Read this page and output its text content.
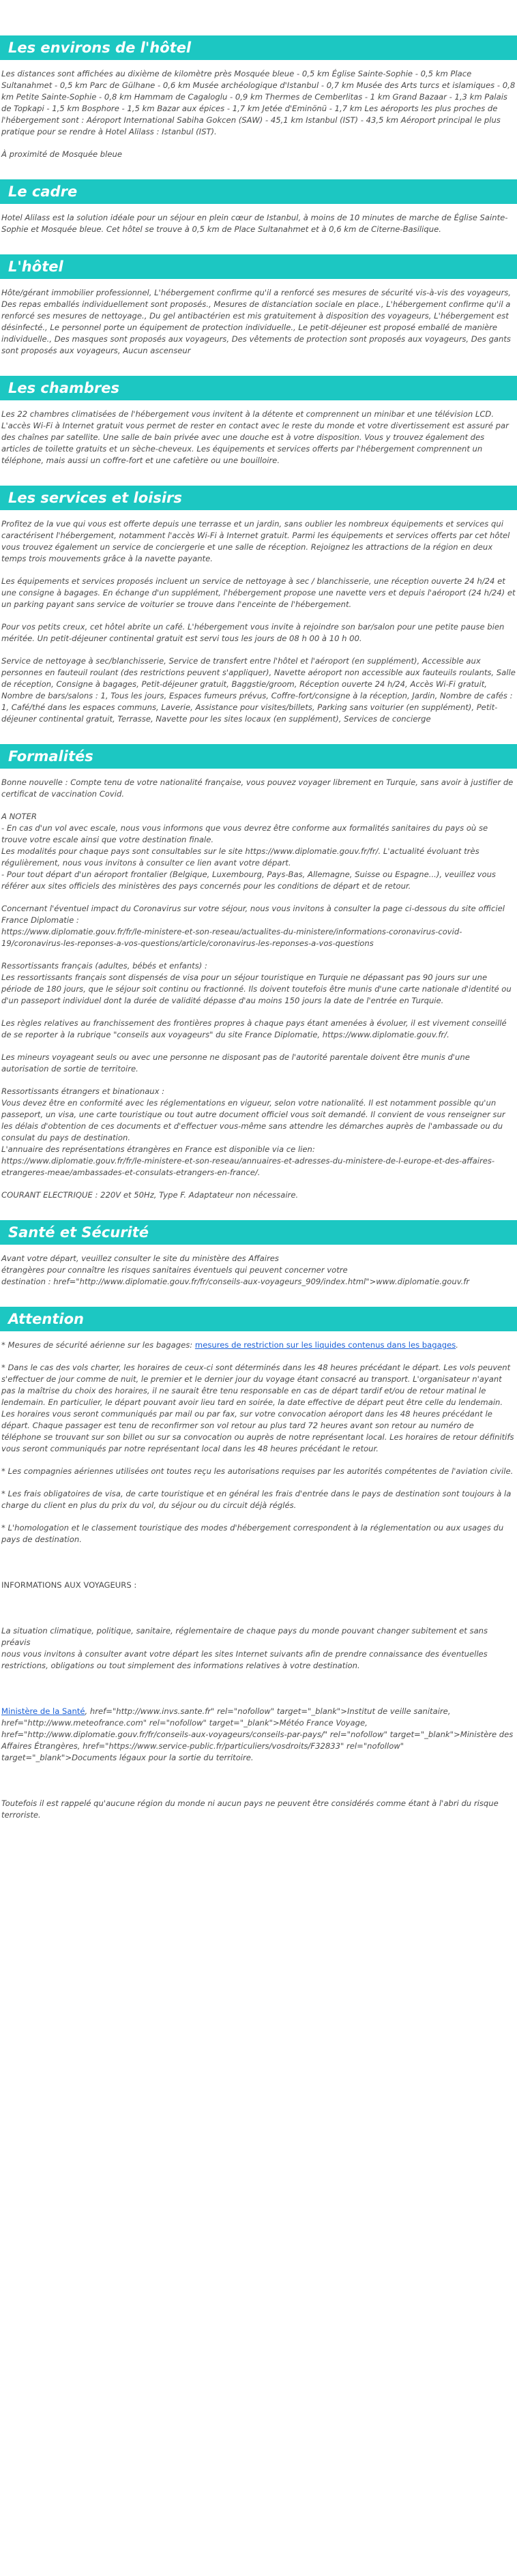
Les environs de l'hôtel

Les distances sont affichées au dixième de kilomètre près Mosquée bleue - 0,5 km Église Sainte-Sophie - 0,5 km Place Sultanahmet - 0,5 km Parc de Gülhane - 0,6 km Musée archéologique d'Istanbul - 0,7 km Musée des Arts turcs et islamiques - 0,8 km Petite Sainte-Sophie - 0,8 km Hammam de Cagaloglu - 0,9 km Thermes de Cemberlitas - 1 km Grand Bazaar - 1,3 km Palais de Topkapi - 1,5 km Bosphore - 1,5 km Bazar aux épices - 1,7 km Jetée d'Eminönü - 1,7 km Les aéroports les plus proches de l'hébergement sont : Aéroport International Sabiha Gokcen (SAW) - 45,1 km Istanbul (IST) - 43,5 km Aéroport principal le plus pratique pour se rendre à Hotel Alilass : Istanbul (IST).

À proximité de Mosquée bleue

Le cadre

Hotel Alilass est la solution idéale pour un séjour en plein cœur de Istanbul, à moins de 10 minutes de marche de Église Sainte-Sophie et Mosquée bleue. Cet hôtel se trouve à 0,5 km de Place Sultanahmet et à 0,6 km de Citerne-Basilique.

L'hôtel

Hôte/gérant immobilier professionnel, L'hébergement confirme qu'il a renforcé ses mesures de sécurité vis-à-vis des voyageurs, Des repas emballés individuellement sont proposés., Mesures de distanciation sociale en place., L'hébergement confirme qu'il a renforcé ses mesures de nettoyage., Du gel antibactérien est mis gratuitement à disposition des voyageurs, L'hébergement est désinfecté., Le personnel porte un équipement de protection individuelle., Le petit-déjeuner est proposé emballé de manière individuelle., Des masques sont proposés aux voyageurs, Des vêtements de protection sont proposés aux voyageurs, Des gants sont proposés aux voyageurs, Aucun ascenseur

Les chambres

Les 22 chambres climatisées de l'hébergement vous invitent à la détente et comprennent un minibar et une télévision LCD. L'accès Wi-Fi à Internet gratuit vous permet de rester en contact avec le reste du monde et votre divertissement est assuré par des chaînes par satellite. Une salle de bain privée avec une douche est à votre disposition. Vous y trouvez également des articles de toilette gratuits et un sèche-cheveux. Les équipements et services offerts par l'hébergement comprennent un téléphone, mais aussi un coffre-fort et une cafetière ou une bouilloire.

Les services et loisirs

Profitez de la vue qui vous est offerte depuis une terrasse et un jardin, sans oublier les nombreux équipements et services qui caractérisent l'hébergement, notamment l'accès Wi-Fi à Internet gratuit. Parmi les équipements et services offerts par cet hôtel vous trouvez également un service de conciergerie et une salle de réception. Rejoignez les attractions de la région en deux temps trois mouvements grâce à la navette payante.

Les équipements et services proposés incluent un service de nettoyage à sec / blanchisserie, une réception ouverte 24 h/24 et une consigne à bagages. En échange d'un supplément, l'hébergement propose une navette vers et depuis l'aéroport (24 h/24) et un parking payant sans service de voiturier se trouve dans l'enceinte de l'hébergement.

Pour vos petits creux, cet hôtel abrite un café. L'hébergement vous invite à rejoindre son bar/salon pour une petite pause bien méritée. Un petit-déjeuner continental gratuit est servi tous les jours de 08 h 00 à 10 h 00.

Service de nettoyage à sec/blanchisserie, Service de transfert entre l'hôtel et l'aéroport (en supplément), Accessible aux personnes en fauteuil roulant (des restrictions peuvent s'appliquer), Navette aéroport non accessible aux fauteuils roulants, Salle de réception, Consigne à bagages, Petit-déjeuner gratuit, Baggstie/groom, Réception ouverte 24 h/24, Accès Wi-Fi gratuit, Nombre de bars/salons : 1, Tous les jours, Espaces fumeurs prévus, Coffre-fort/consigne à la réception, Jardin, Nombre de cafés : 1, Café/thé dans les espaces communs, Laverie, Assistance pour visites/billets, Parking sans voiturier (en supplément), Petit-déjeuner continental gratuit, Terrasse, Navette pour les sites locaux (en supplément), Services de concierge

Formalités

Bonne nouvelle : Compte tenu de votre nationalité française, vous pouvez voyager librement en Turquie, sans avoir à justifier de certificat de vaccination Covid.

A NOTER
- En cas d'un vol avec escale, nous vous informons que vous devrez être conforme aux formalités sanitaires du pays où se trouve votre escale ainsi que votre destination finale.
Les modalités pour chaque pays sont consultables sur le site https://www.diplomatie.gouv.fr/fr/. L'actualité évoluant très régulièrement, nous vous invitons à consulter ce lien avant votre départ.
- Pour tout départ d'un aéroport frontalier (Belgique, Luxembourg, Pays-Bas, Allemagne, Suisse ou Espagne...), veuillez vous référer aux sites officiels des ministères des pays concernés pour les conditions de départ et de retour.

Concernant l'éventuel impact du Coronavirus sur votre séjour, nous vous invitons à consulter la page ci-dessous du site officiel France Diplomatie :
https://www.diplomatie.gouv.fr/fr/le-ministere-et-son-reseau/actualites-du-ministere/informations-coronavirus-covid-19/coronavirus-les-reponses-a-vos-questions/article/coronavirus-les-reponses-a-vos-questions

Ressortissants français (adultes, bébés et enfants) :
Les ressortissants français sont dispensés de visa pour un séjour touristique en Turquie ne dépassant pas 90 jours sur une période de 180 jours, que le séjour soit continu ou fractionné. Ils doivent toutefois être munis d'une carte nationale d'identité ou d'un passeport individuel dont la durée de validité dépasse d'au moins 150 jours la date de l'entrée en Turquie.

Les règles relatives au franchissement des frontières propres à chaque pays étant amenées à évoluer, il est vivement conseillé de se reporter à la rubrique "conseils aux voyageurs" du site France Diplomatie, https://www.diplomatie.gouv.fr/.

Les mineurs voyageant seuls ou avec une personne ne disposant pas de l'autorité parentale doivent être munis d'une autorisation de sortie de territoire.

Ressortissants étrangers et binationaux :
Vous devez être en conformité avec les réglementations en vigueur, selon votre nationalité. Il est notamment possible qu'un passeport, un visa, une carte touristique ou tout autre document officiel vous soit demandé. Il convient de vous renseigner sur les délais d'obtention de ces documents et d'effectuer vous-même sans attendre les démarches auprès de l'ambassade ou du consulat du pays de destination.
L'annuaire des représentations étrangères en France est disponible via ce lien:
https://www.diplomatie.gouv.fr/fr/le-ministere-et-son-reseau/annuaires-et-adresses-du-ministere-de-l-europe-et-des-affaires-etrangeres-meae/ambassades-et-consulats-etrangers-en-france/.

COURANT ELECTRIQUE : 220V et 50Hz, Type F. Adaptateur non nécessaire.

Santé et Sécurité

Avant votre départ, veuillez consulter le site du ministère des Affaires
étrangères pour connaître les risques sanitaires éventuels qui peuvent concerner votre
destination : href="http://www.diplomatie.gouv.fr/fr/conseils-aux-voyageurs_909/index.html">www.diplomatie.gouv.fr

Attention

* Mesures de sécurité aérienne sur les bagages: mesures de restriction sur les liquides contenus dans les bagages.

* Dans le cas des vols charter, les horaires de ceux-ci sont déterminés dans les 48 heures précédant le départ. Les vols peuvent s'effectuer de jour comme de nuit, le premier et le dernier jour du voyage étant consacré au transport. L'organisateur n'ayant pas la maîtrise du choix des horaires, il ne saurait être tenu responsable en cas de départ tardif et/ou de retour matinal le lendemain. En particulier, le départ pouvant avoir lieu tard en soirée, la date effective de départ peut être celle du lendemain. Les horaires vous seront communiqués par mail ou par fax, sur votre convocation aéroport dans les 48 heures précédant le départ. Chaque passager est tenu de reconfirmer son vol retour au plus tard 72 heures avant son retour au numéro de téléphone se trouvant sur son billet ou sur sa convocation ou auprès de notre représentant local. Les horaires de retour définitifs vous seront communiqués par notre représentant local dans les 48 heures précédant le retour.

* Les compagnies aériennes utilisées ont toutes reçu les autorisations requises par les autorités compétentes de l'aviation civile.

* Les frais obligatoires de visa, de carte touristique et en général les frais d'entrée dans le pays de destination sont toujours à la charge du client en plus du prix du vol, du séjour ou du circuit déjà réglés.

* L'homologation et le classement touristique des modes d'hébergement correspondent à la réglementation ou aux usages du pays de destination.

INFORMATIONS AUX VOYAGEURS :

La situation climatique, politique, sanitaire, réglementaire de chaque pays du monde pouvant changer subitement et sans préavis
nous vous invitons à consulter avant votre départ les sites Internet suivants afin de prendre connaissance des éventuelles restrictions, obligations ou tout simplement des informations relatives à votre destination.

Ministère de la Santé, href="http://www.invs.sante.fr" rel="nofollow" target="_blank">Institut de veille sanitaire, href="http://www.meteofrance.com" rel="nofollow" target="_blank">Météo France Voyage, href="http://www.diplomatie.gouv.fr/fr/conseils-aux-voyageurs/conseils-par-pays/" rel="nofollow" target="_blank">Ministère des Affaires Étrangères, href="https://www.service-public.fr/particuliers/vosdroits/F32833" rel="nofollow" target="_blank">Documents légaux pour la sortie du territoire.

Toutefois il est rappelé qu'aucune région du monde ni aucun pays ne peuvent être considérés comme étant à l'abri du risque terroriste.
